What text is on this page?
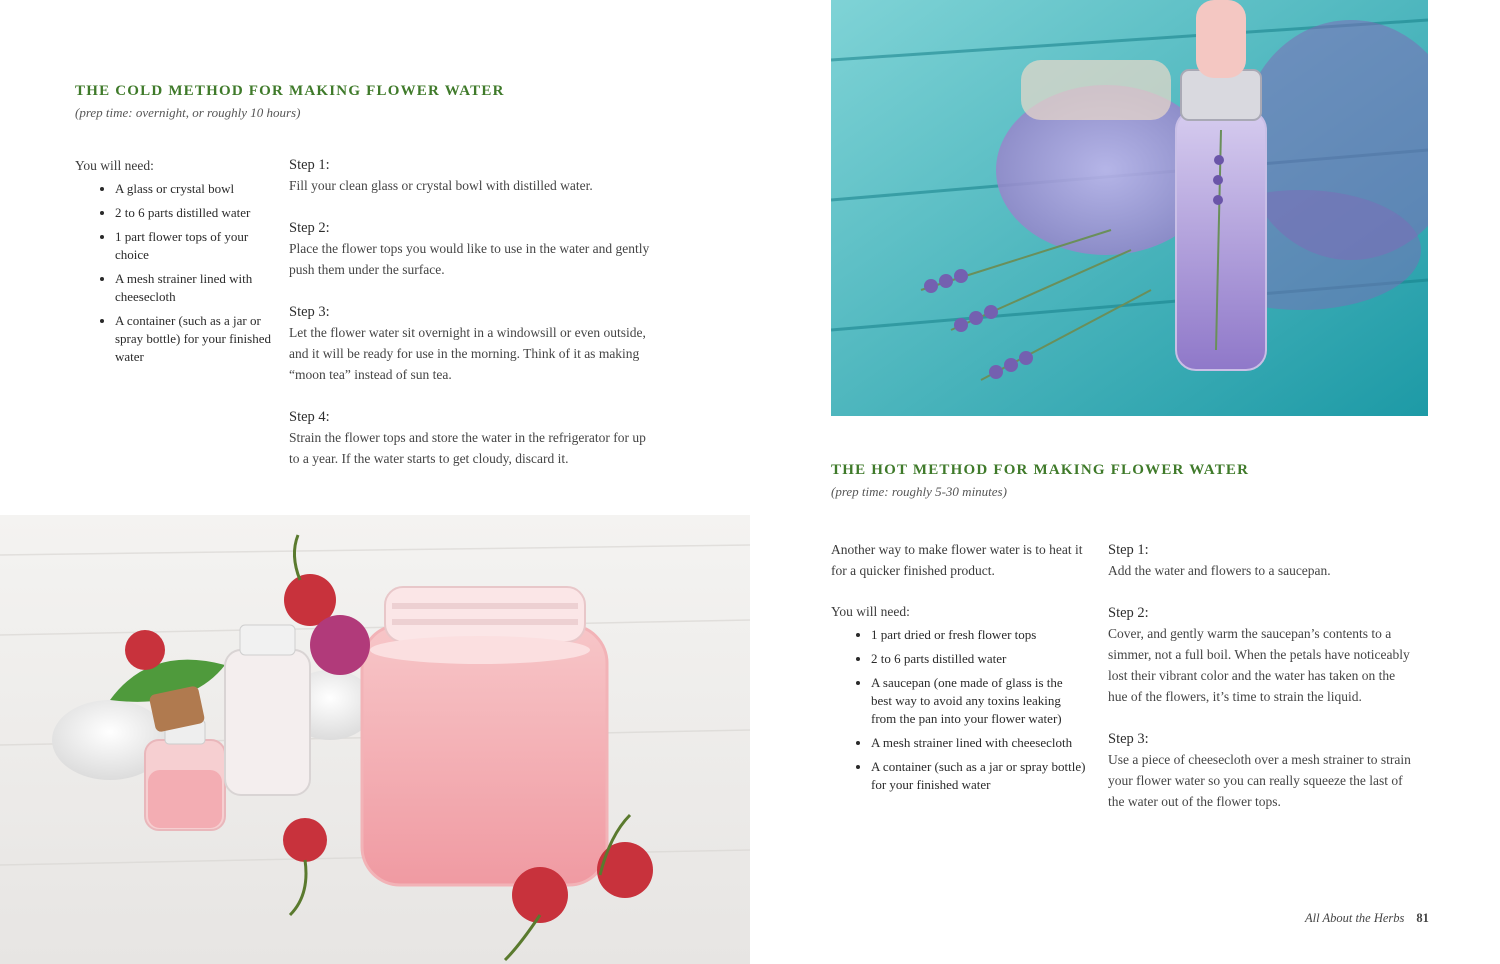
THE COLD METHOD FOR MAKING FLOWER WATER
(prep time: overnight, or roughly 10 hours)
You will need:
• A glass or crystal bowl
• 2 to 6 parts distilled water
• 1 part flower tops of your choice
• A mesh strainer lined with cheesecloth
• A container (such as a jar or spray bottle) for your finished water
Step 1:
Fill your clean glass or crystal bowl with distilled water.
Step 2:
Place the flower tops you would like to use in the water and gently push them under the surface.
Step 3:
Let the flower water sit overnight in a windowsill or even outside, and it will be ready for use in the morning. Think of it as making “moon tea” instead of sun tea.
Step 4:
Strain the flower tops and store the water in the refrigerator for up to a year. If the water starts to get cloudy, discard it.
THE HOT METHOD FOR MAKING FLOWER WATER
(prep time: roughly 5-30 minutes)
Another way to make flower water is to heat it for a quicker finished product.
You will need:
• 1 part dried or fresh flower tops
• 2 to 6 parts distilled water
• A saucepan (one made of glass is the best way to avoid any toxins leaking from the pan into your flower water)
• A mesh strainer lined with cheesecloth
• A container (such as a jar or spray bottle) for your finished water
Step 1:
Add the water and flowers to a saucepan.
Step 2:
Cover, and gently warm the saucepan’s contents to a simmer, not a full boil. When the petals have noticeably lost their vibrant color and the water has taken on the hue of the flowers, it’s time to strain the liquid.
Step 3:
Use a piece of cheesecloth over a mesh strainer to strain your flower water so you can really squeeze the last of the water out of the flower tops.
All About the Herbs 81
